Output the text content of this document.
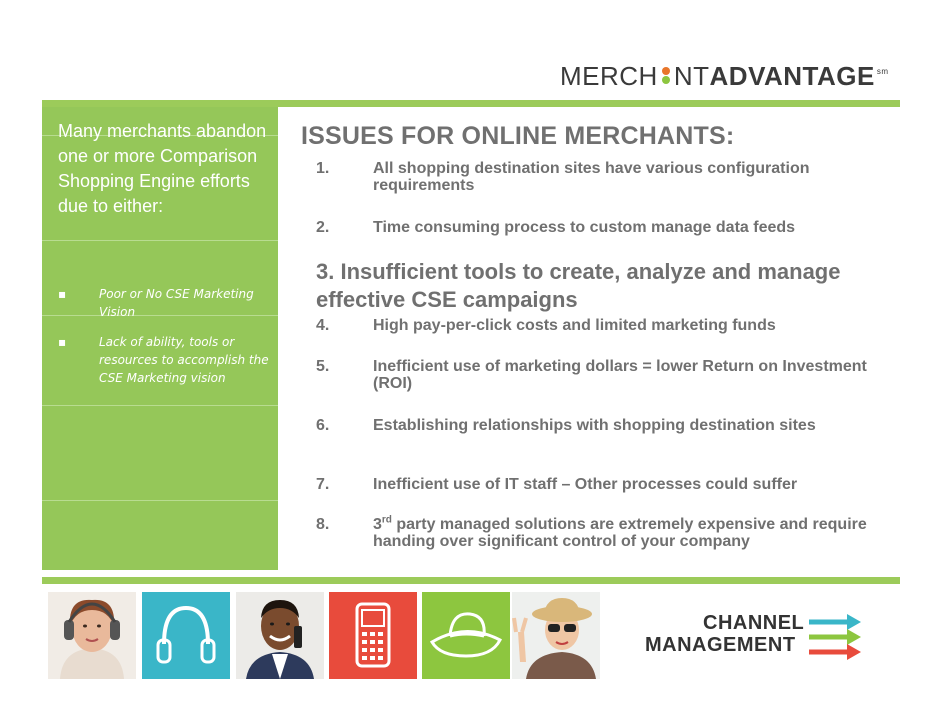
MERCH NT ADVANTAGE sm
Many merchants abandon one or more Comparison Shopping Engine efforts due to either:
▪	Poor or No CSE Marketing Vision
▪	Lack of ability, tools or resources to accomplish the CSE Marketing vision
ISSUES FOR ONLINE MERCHANTS:
1.	All shopping destination sites have various configuration requirements
2.	Time consuming process to custom manage data feeds
3. Insufficient tools to create, analyze and manage effective CSE campaigns
4.	High pay-per-click costs and limited marketing funds
5.	Inefficient use of marketing dollars = lower Return on Investment (ROI)
6.	Establishing relationships with shopping destination sites
7.	Inefficient use of IT staff – Other processes could suffer
8.	3rd party managed solutions are extremely expensive and require handing over significant control of your company
CHANNEL
MANAGEMENT
